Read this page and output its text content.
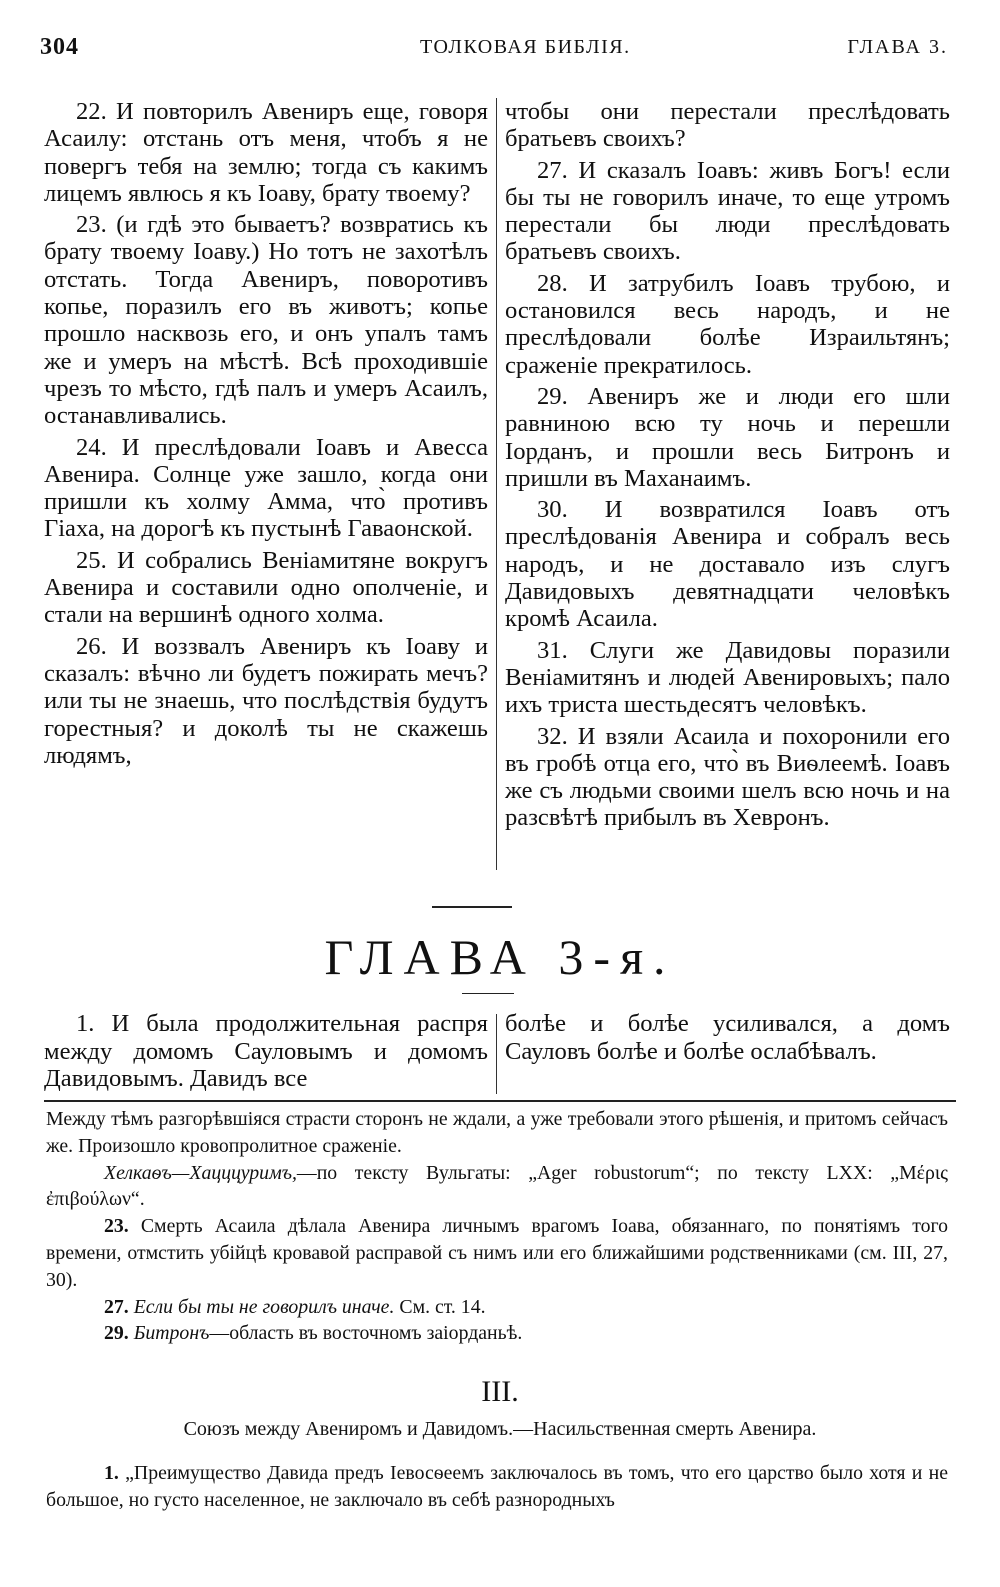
304	ТОЛКОВАЯ БИБЛІЯ.	ГЛАВА 3.

22. И повторилъ Авениръ еще, говоря Асаилу: отстань отъ меня, чтобъ я не повергъ тебя на землю; тогда съ какимъ лицемъ явлюсь я къ Іоаву, брату твоему?

23. (и гдѣ это бываетъ? возвратись къ брату твоему Іоаву.) Но тотъ не захотѣлъ отстать. Тогда Авениръ, поворотивъ копье, поразилъ его въ животъ; копье прошло насквозь его, и онъ упалъ тамъ же и умеръ на мѣстѣ. Всѣ проходившіе чрезъ то мѣсто, гдѣ палъ и умеръ Асаилъ, останавливались.

24. И преслѣдовали Іоавъ и Авесса Авенира. Солнце уже зашло, когда они пришли къ холму Амма, что̀ противъ Гіаха, на дорогѣ къ пустынѣ Гаваонской.

25. И собрались Веніамитяне вокругъ Авенира и составили одно ополченіе, и стали на вершинѣ одного холма.

26. И воззвалъ Авениръ къ Іоаву и сказалъ: вѣчно ли будетъ пожирать мечъ? или ты не знаешь, что послѣдствія будутъ горестныя? и доколѣ ты не скажешь людямъ,

чтобы они перестали преслѣдовать братьевъ своихъ?

27. И сказалъ Іоавъ: живъ Богъ! если бы ты не говорилъ иначе, то еще утромъ перестали бы люди преслѣдовать братьевъ своихъ.

28. И затрубилъ Іоавъ трубою, и остановился весь народъ, и не преслѣдовали болѣе Израильтянъ; сраженіе прекратилось.

29. Авениръ же и люди его шли равниною всю ту ночь и перешли Іорданъ, и прошли весь Битронъ и пришли въ Маханаимъ.

30. И возвратился Іоавъ отъ преслѣдованія Авенира и собралъ весь народъ, и не доставало изъ слугъ Давидовыхъ девятнадцати человѣкъ кромѣ Асаила.

31. Слуги же Давидовы поразили Веніамитянъ и людей Авенировыхъ; пало ихъ триста шестьдесятъ человѣкъ.

32. И взяли Асаила и похоронили его въ гробѣ отца его, что̀ въ Виѳлеемѣ. Іоавъ же съ людьми своими шелъ всю ночь и на разсвѣтѣ прибылъ въ Хевронъ.

ГЛАВА 3-я.

1. И была продолжительная распря между домомъ Сауловымъ и домомъ Давидовымъ. Давидъ все

болѣе и болѣе усиливался, а домъ Сауловъ болѣе и болѣе ослабѣвалъ.

Между тѣмъ разгорѣвшіяся страсти сторонъ не ждали, а уже требовали этого рѣшенія, и притомъ сейчасъ же. Произошло кровопролитное сраженіе.

Хелкаѳъ—Хацццуримъ,—по тексту Вульгаты: „Ager robustorum“; по тексту LXX: „Μέρις ἐπιβούλων“.

23. Смерть Асаила дѣлала Авенира личнымъ врагомъ Іоава, обязаннаго, по понятіямъ того времени, отмстить убійцѣ кровавой расправой съ нимъ или его ближайшими родственниками (см. III, 27, 30).

27. Если бы ты не говорилъ иначе. См. ст. 14.

29. Битронъ—область въ восточномъ заіорданьѣ.

III.
Союзъ между Авениромъ и Давидомъ.—Насильственная смерть Авенира.

1. „Преимущество Давида предъ Іевосѳеемъ заключалось въ томъ, что его царство было хотя и не большое, но густо населенное, не заключало въ себѣ разнородныхъ
